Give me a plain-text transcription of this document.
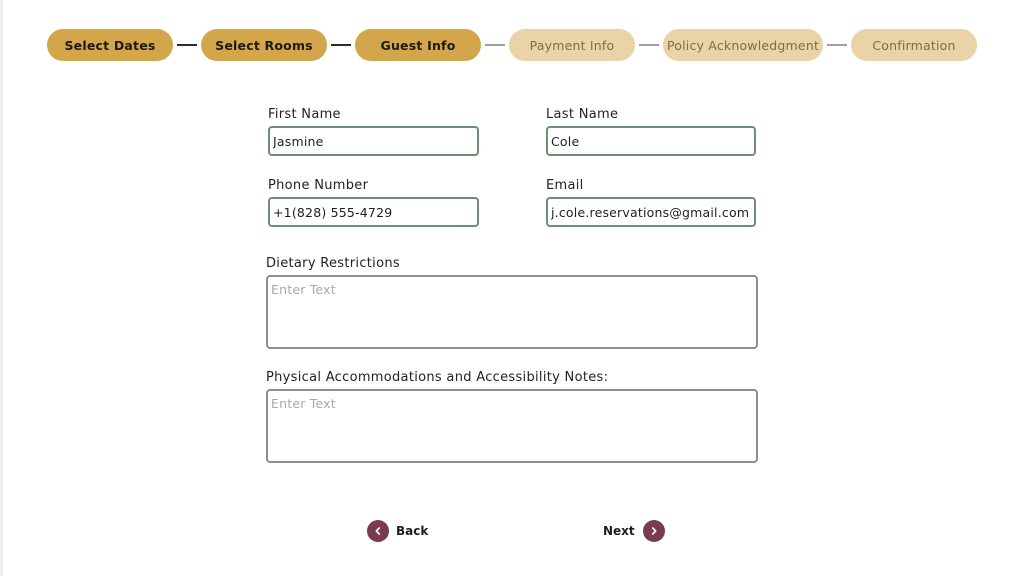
Select Dates	Select Rooms	Guest Info	Payment Info	Policy Acknowledgment	Confirmation
First Name
Jasmine	Last Name
Cole
Phone Number
+1(828) 555-4729	Email
j.cole.reservations@gmail.com
Dietary Restrictions
Enter Text
Physical Accommodations and Accessibility Notes:
Enter Text
Back	Next
